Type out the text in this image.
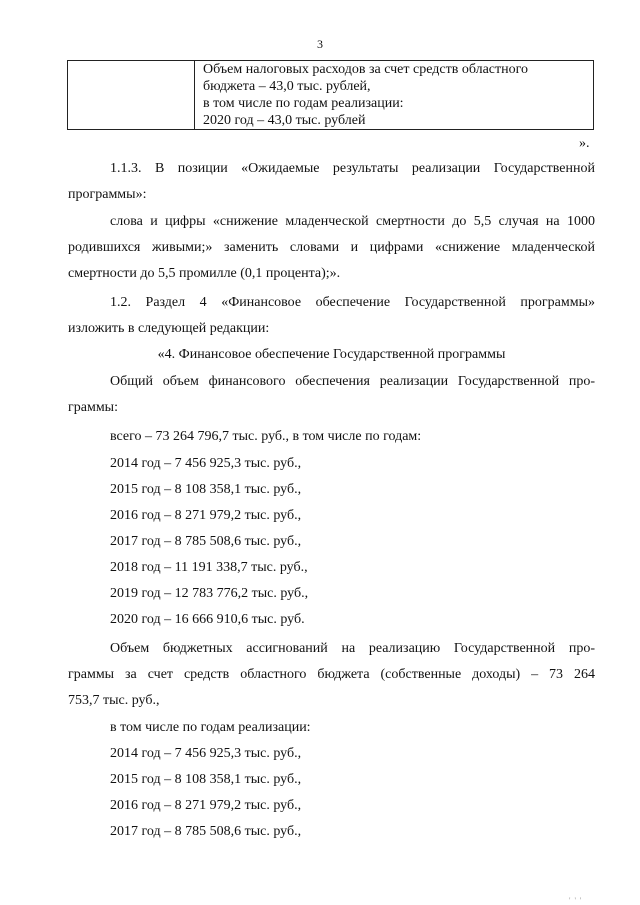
3

Объем налоговых расходов за счет средств областного
бюджета – 43,0 тыс. рублей,
в том числе по годам реализации:
2020 год – 43,0 тыс. рублей
».
1.1.3. В позиции «Ожидаемые результаты реализации Государственной
программы»:
слова и цифры «снижение младенческой смертности до 5,5 случая на 1000
родившихся живыми;» заменить словами и цифрами «снижение младенческой
смертности до 5,5 промилле (0,1 процента);».
1.2. Раздел 4 «Финансовое обеспечение Государственной программы»
изложить в следующей редакции:
«4. Финансовое обеспечение Государственной программы
Общий объем финансового обеспечения реализации Государственной про-
граммы:
всего – 73 264 796,7 тыс. руб., в том числе по годам:
2014 год – 7 456 925,3 тыс. руб.,
2015 год – 8 108 358,1 тыс. руб.,
2016 год – 8 271 979,2 тыс. руб.,
2017 год – 8 785 508,6 тыс. руб.,
2018 год – 11 191 338,7 тыс. руб.,
2019 год – 12 783 776,2 тыс. руб.,
2020 год – 16 666 910,6 тыс. руб.
Объем бюджетных ассигнований на реализацию Государственной про-
граммы за счет средств областного бюджета (собственные доходы) – 73 264
753,7 тыс. руб.,
в том числе по годам реализации:
2014 год – 7 456 925,3 тыс. руб.,
2015 год – 8 108 358,1 тыс. руб.,
2016 год – 8 271 979,2 тыс. руб.,
2017 год – 8 785 508,6 тыс. руб.,
' ' '
